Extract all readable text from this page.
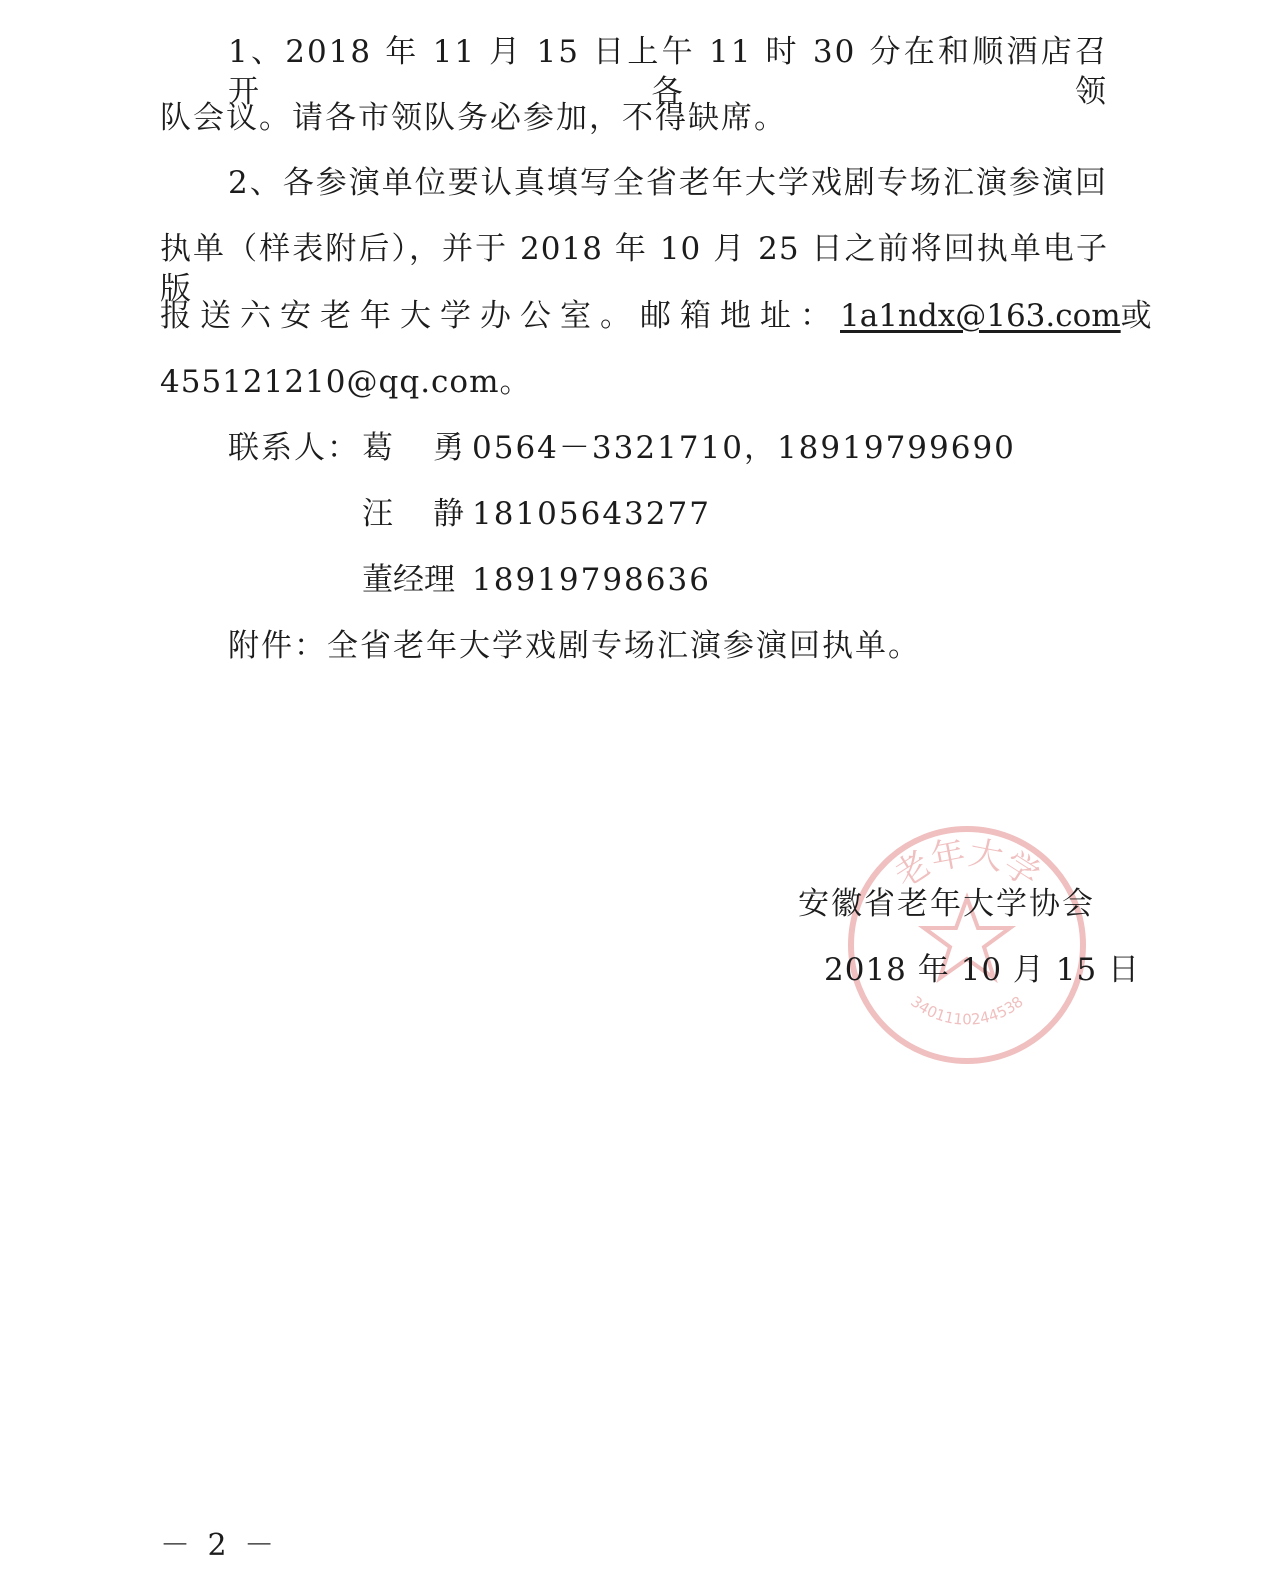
1、2018 年 11 月 15 日上午 11 时 30 分在和顺酒店召开各领
队会议。请各市领队务必参加，不得缺席。
2、各参演单位要认真填写全省老年大学戏剧专场汇演参演回
执单（样表附后），并于 2018 年 10 月 25 日之前将回执单电子版
报送六安老年大学办公室。邮箱地址： 1a1ndx@163.com或
455121210@qq.com。
联系人： 葛勇0564－3321710，18919799690
汪静18105643277
董经理 18919798636
附件：全省老年大学戏剧专场汇演参演回执单。
老年大学
3401110244538
安徽省老年大学协会
2018 年 10 月 15 日
－ 2 －
